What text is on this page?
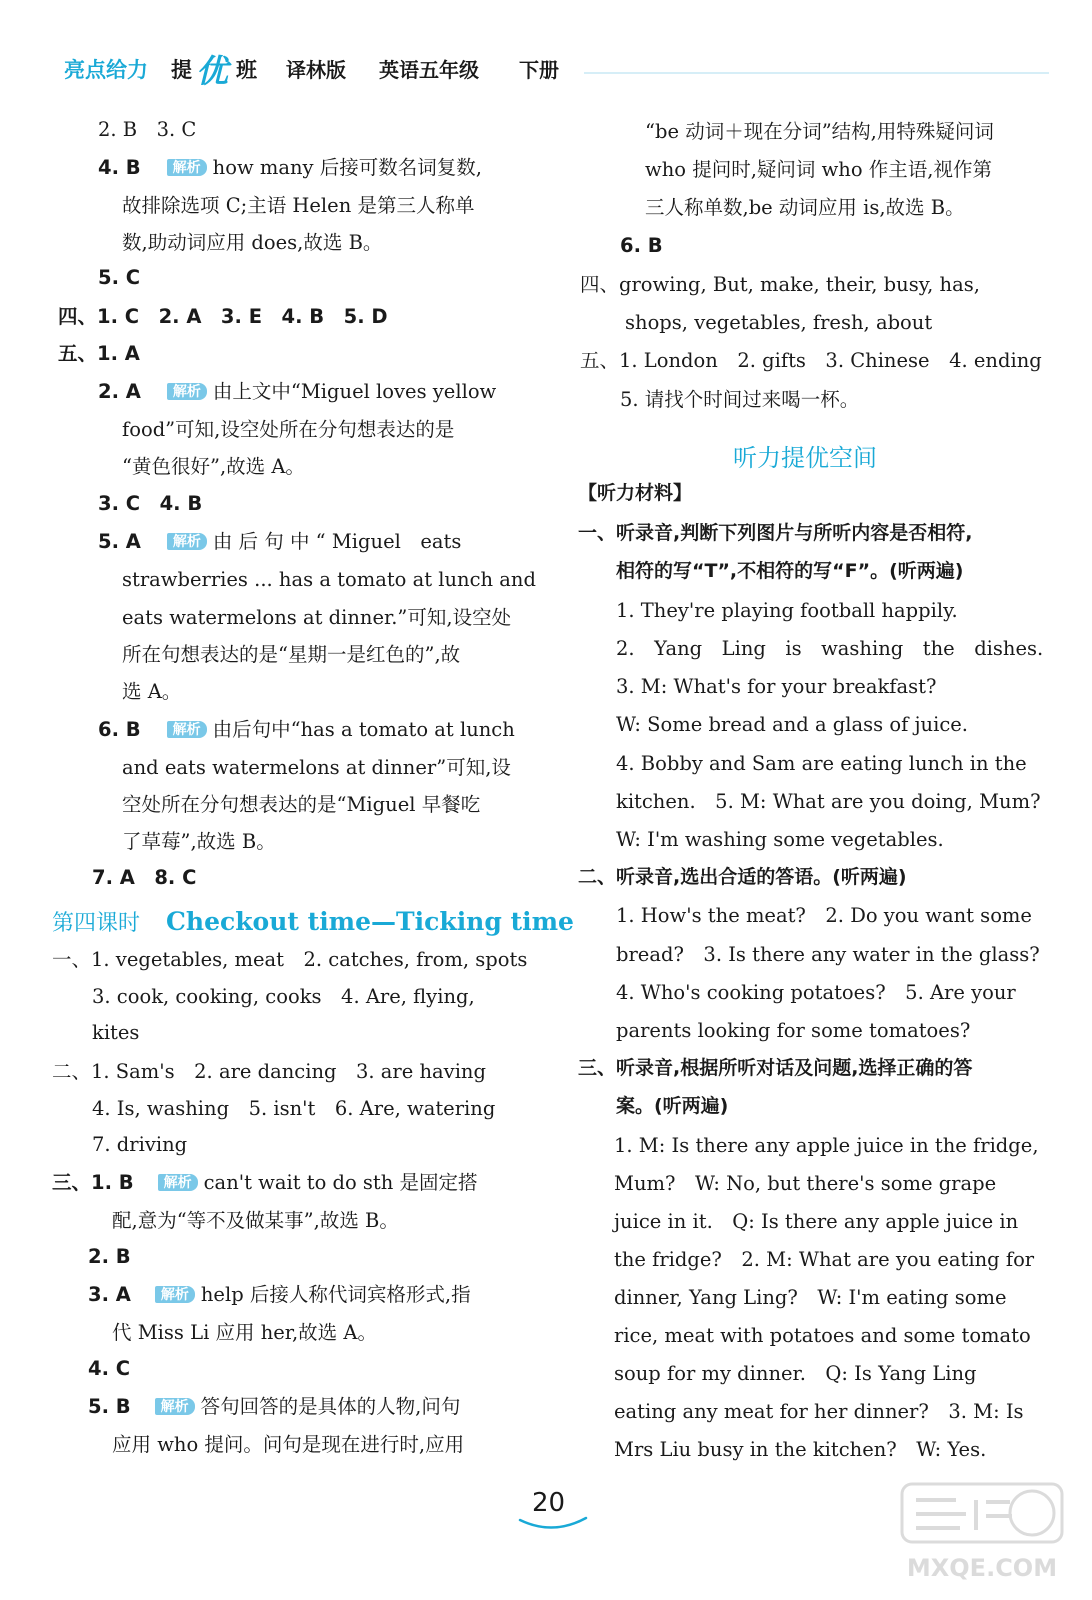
亮点给力 提 优 班 译林版 英语五年级 下册
2. B　3. C
4. B 解析 how many 后接可数名词复数,
故排除选项 C;主语 Helen 是第三人称单
数,助动词应用 does,故选 B。
5. C
四、1. C　2. A　3. E　4. B　5. D
五、1. A
2. A 解析 由上文中“Miguel loves yellow
food”可知,设空处所在分句想表达的是
“黄色很好”,故选 A。
3. C　4. B
5. A 解析 由 后 句 中 “ Miguel　eats
strawberries ... has a tomato at lunch and
eats watermelons at dinner.”可知,设空处
所在句想表达的是“星期一是红色的”,故
选 A。
6. B 解析 由后句中“has a tomato at lunch
and eats watermelons at dinner”可知,设
空处所在分句想表达的是“Miguel 早餐吃
了草莓”,故选 B。
7. A　8. C
第四课时 Checkout time—Ticking time
一、1. vegetables, meat　2. catches, from, spots
3. cook, cooking, cooks　4. Are, flying,
kites
二、1. Sam's　2. are dancing　3. are having
4. Is, washing　5. isn't　6. Are, watering
7. driving
三、1. B 解析 can't wait to do sth 是固定搭
配,意为“等不及做某事”,故选 B。
2. B
3. A 解析 help 后接人称代词宾格形式,指
代 Miss Li 应用 her,故选 A。
4. C
5. B 解析 答句回答的是具体的人物,问句
应用 who 提问。问句是现在进行时,应用
“be 动词＋现在分词”结构,用特殊疑问词
who 提问时,疑问词 who 作主语,视作第
三人称单数,be 动词应用 is,故选 B。
6. B
四、growing, But, make, their, busy, has,
shops, vegetables, fresh, about
五、1. London　2. gifts　3. Chinese　4. ending
5. 请找个时间过来喝一杯。
听力提优空间
【听力材料】
一、听录音,判断下列图片与所听内容是否相符,
相符的写“T”,不相符的写“F”。(听两遍)
1. They're playing football happily.
2.　Yang　Ling　is　washing　the　dishes.
3. M: What's for your breakfast?
W: Some bread and a glass of juice.
4. Bobby and Sam are eating lunch in the
kitchen.　5. M: What are you doing, Mum?
W: I'm washing some vegetables.
二、听录音,选出合适的答语。(听两遍)
1. How's the meat?　2. Do you want some
bread?　3. Is there any water in the glass?
4. Who's cooking potatoes?　5. Are your
parents looking for some tomatoes?
三、听录音,根据所听对话及问题,选择正确的答
案。(听两遍)
1. M: Is there any apple juice in the fridge,
Mum?　W: No, but there's some grape
juice in it.　Q: Is there any apple juice in
the fridge?　2. M: What are you eating for
dinner, Yang Ling?　W: I'm eating some
rice, meat with potatoes and some tomato
soup for my dinner.　Q: Is Yang Ling
eating any meat for her dinner?　3. M: Is
Mrs Liu busy in the kitchen?　W: Yes.
20
MXQE.COM
